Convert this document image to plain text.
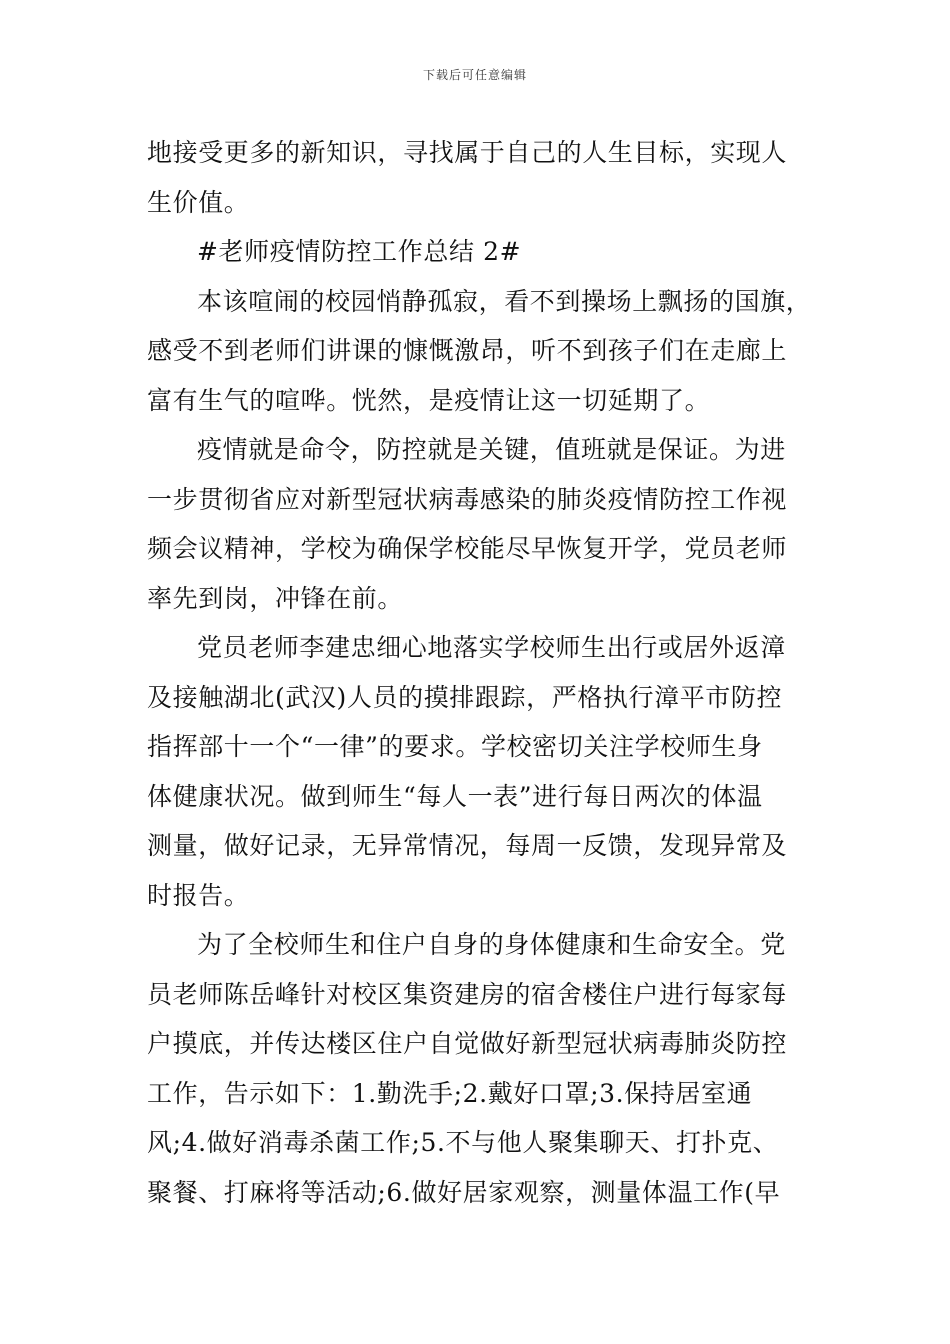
下载后可任意编辑
地接受更多的新知识，寻找属于自己的人生目标，实现人
生价值。
#老师疫情防控工作总结 2#
本该喧闹的校园悄静孤寂，看不到操场上飘扬的国旗，
感受不到老师们讲课的慷慨激昂，听不到孩子们在走廊上
富有生气的喧哗。恍然，是疫情让这一切延期了。
疫情就是命令，防控就是关键，值班就是保证。为进
一步贯彻省应对新型冠状病毒感染的肺炎疫情防控工作视
频会议精神，学校为确保学校能尽早恢复开学，党员老师
率先到岗，冲锋在前。
党员老师李建忠细心地落实学校师生出行或居外返漳
及接触湖北(武汉)人员的摸排跟踪，严格执行漳平市防控
指挥部十一个“一律”的要求。学校密切关注学校师生身
体健康状况。做到师生“每人一表”进行每日两次的体温
测量，做好记录，无异常情况，每周一反馈，发现异常及
时报告。
为了全校师生和住户自身的身体健康和生命安全。党
员老师陈岳峰针对校区集资建房的宿舍楼住户进行每家每
户摸底，并传达楼区住户自觉做好新型冠状病毒肺炎防控
工作，告示如下：1.勤洗手;2.戴好口罩;3.保持居室通
风;4.做好消毒杀菌工作;5.不与他人聚集聊天、打扑克、
聚餐、打麻将等活动;6.做好居家观察，测量体温工作(早
